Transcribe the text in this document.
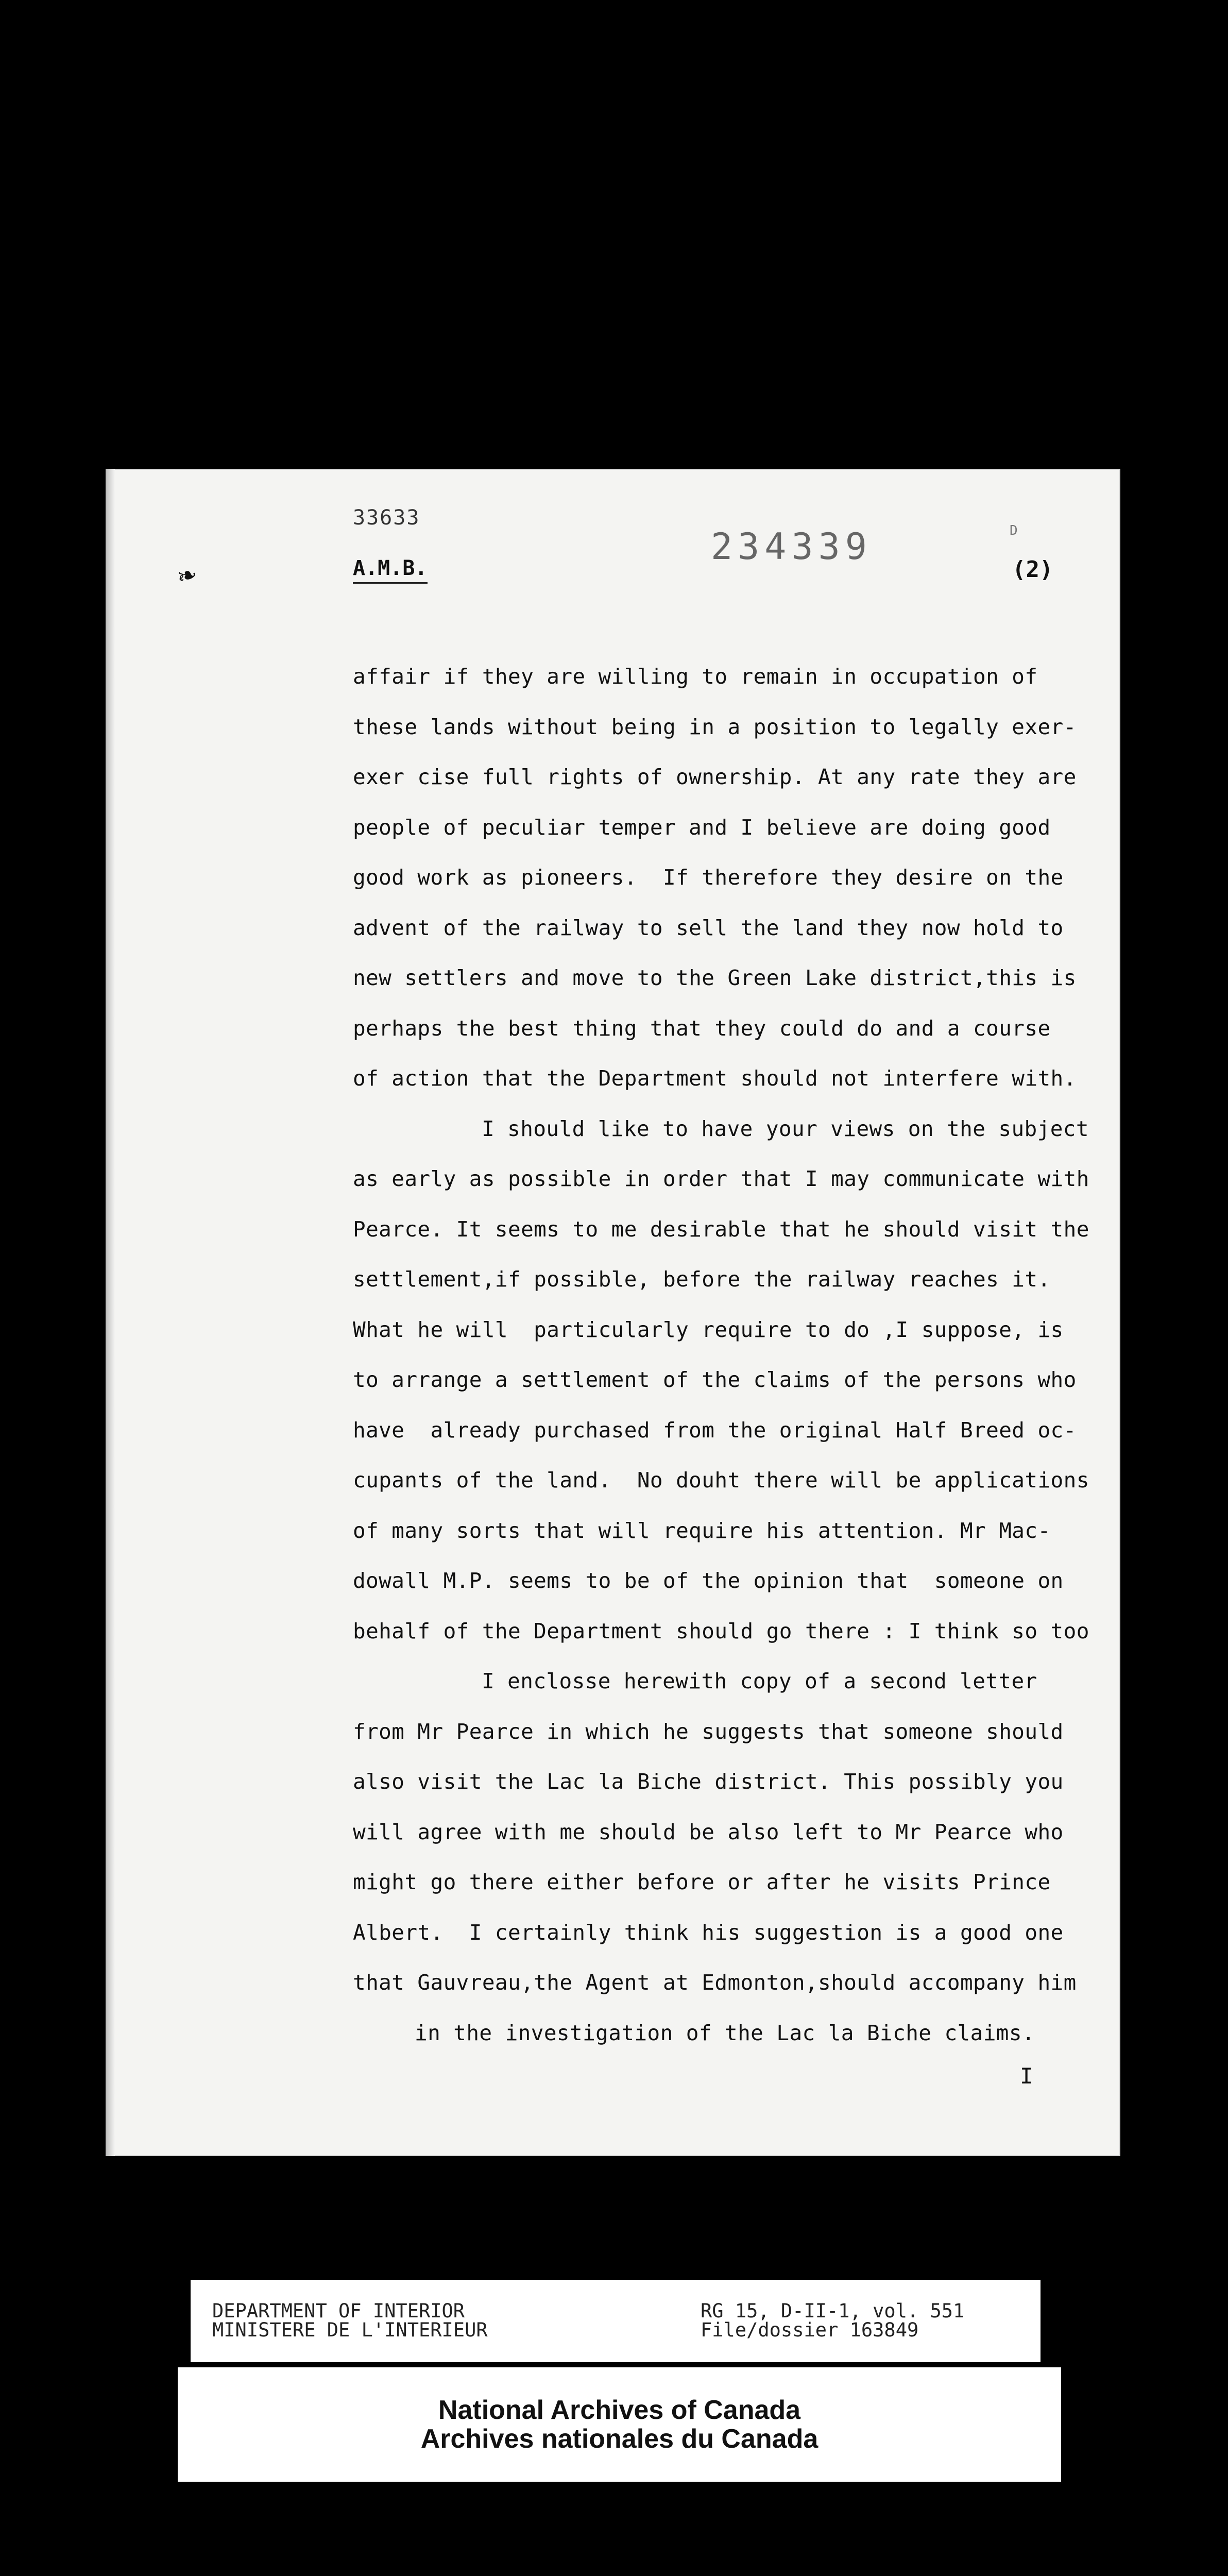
❧
33633
A.M.B.
234339	D
(2)
affair if they are willing to remain in occupation of
these lands without being in a position to legally exer-
exer cise full rights of ownership. At any rate they are
people of peculiar temper and I believe are doing good
good work as pioneers.  If therefore they desire on the
advent of the railway to sell the land they now hold to
new settlers and move to the Green Lake district,this is
perhaps the best thing that they could do and a course
of action that the Department should not interfere with.
I should like to have your views on the subject
as early as possible in order that I may communicate with
Pearce. It seems to me desirable that he should visit the
settlement,if possible, before the railway reaches it.
What he will  particularly require to do ,I suppose, is
to arrange a settlement of the claims of the persons who
have  already purchased from the original Half Breed oc-
cupants of the land.  No douht there will be applications
of many sorts that will require his attention. Mr Mac-
dowall M.P. seems to be of the opinion that  someone on
behalf of the Department should go there : I think so too
I enclosse herewith copy of a second letter
from Mr Pearce in which he suggests that someone should
also visit the Lac la Biche district. This possibly you
will agree with me should be also left to Mr Pearce who
might go there either before or after he visits Prince
Albert.  I certainly think his suggestion is a good one
that Gauvreau,the Agent at Edmonton,should accompany him
in the investigation of the Lac la Biche claims.
I
DEPARTMENT OF INTERIOR
MINISTERE DE L'INTERIEUR
RG 15, D-II-1, vol. 551
File/dossier 163849
National Archives of Canada
Archives nationales du Canada
